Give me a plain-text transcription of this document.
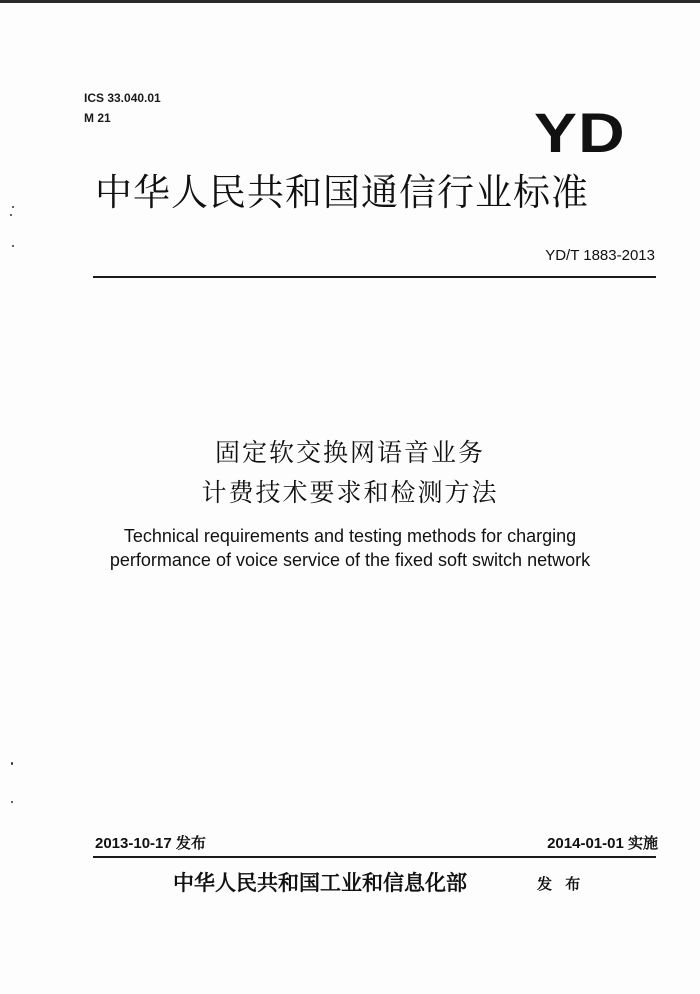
ICS 33.040.01
M 21	YD
中华人民共和国通信行业标准
YD/T 1883-2013
固定软交换网语音业务
计费技术要求和检测方法
Technical requirements and testing methods for charging
performance of voice service of the fixed soft switch network
2013-10-17 发布	2014-01-01 实施
中华人民共和国工业和信息化部	发 布
